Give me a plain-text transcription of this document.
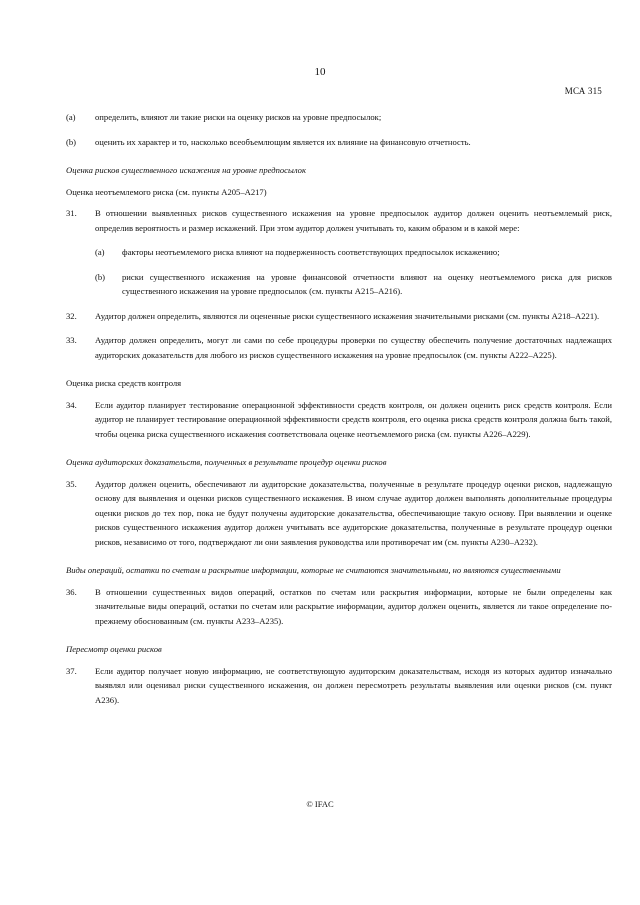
10
МСА 315
(a)	определить, влияют ли такие риски на оценку рисков на уровне предпосылок;
(b)	оценить их характер и то, насколько всеобъемлющим является их влияние на финансовую отчетность.
Оценка рисков существенного искажения на уровне предпосылок
Оценка неотъемлемого риска (см. пункты A205–A217)
31.	В отношении выявленных рисков существенного искажения на уровне предпосылок аудитор должен оценить неотъемлемый риск, определив вероятность и размер искажений. При этом аудитор должен учитывать то, каким образом и в какой мере:
(a)	факторы неотъемлемого риска влияют на подверженность соответствующих предпосылок искажению;
(b)	риски существенного искажения на уровне финансовой отчетности влияют на оценку неотъемлемого риска для рисков существенного искажения на уровне предпосылок (см. пункты A215–A216).
32.	Аудитор должен определить, являются ли оцененные риски существенного искажения значительными рисками (см. пункты A218–A221).
33.	Аудитор должен определить, могут ли сами по себе процедуры проверки по существу обеспечить получение достаточных надлежащих аудиторских доказательств для любого из рисков существенного искажения на уровне предпосылок (см. пункты A222–A225).
Оценка риска средств контроля
34.	Если аудитор планирует тестирование операционной эффективности средств контроля, он должен оценить риск средств контроля. Если аудитор не планирует тестирование операционной эффективности средств контроля, его оценка риска средств контроля должна быть такой, чтобы оценка риска существенного искажения соответствовала оценке неотъемлемого риска (см. пункты A226–A229).
Оценка аудиторских доказательств, полученных в результате процедур оценки рисков
35.	Аудитор должен оценить, обеспечивают ли аудиторские доказательства, полученные в результате процедур оценки рисков, надлежащую основу для выявления и оценки рисков существенного искажения. В ином случае аудитор должен выполнять дополнительные процедуры оценки рисков до тех пор, пока не будут получены аудиторские доказательства, обеспечивающие такую основу. При выявлении и оценке рисков существенного искажения аудитор должен учитывать все аудиторские доказательства, полученные в результате процедур оценки рисков, независимо от того, подтверждают ли они заявления руководства или противоречат им (см. пункты A230–A232).
Виды операций, остатки по счетам и раскрытие информации, которые не считаются значительными, но являются существенными
36.	В отношении существенных видов операций, остатков по счетам или раскрытия информации, которые не были определены как значительные виды операций, остатки по счетам или раскрытие информации, аудитор должен оценить, является ли такое определение по-прежнему обоснованным (см. пункты A233–A235).
Пересмотр оценки рисков
37.	Если аудитор получает новую информацию, не соответствующую аудиторским доказательствам, исходя из которых аудитор изначально выявлял или оценивал риски существенного искажения, он должен пересмотреть результаты выявления или оценки рисков (см. пункт A236).
© IFAC
